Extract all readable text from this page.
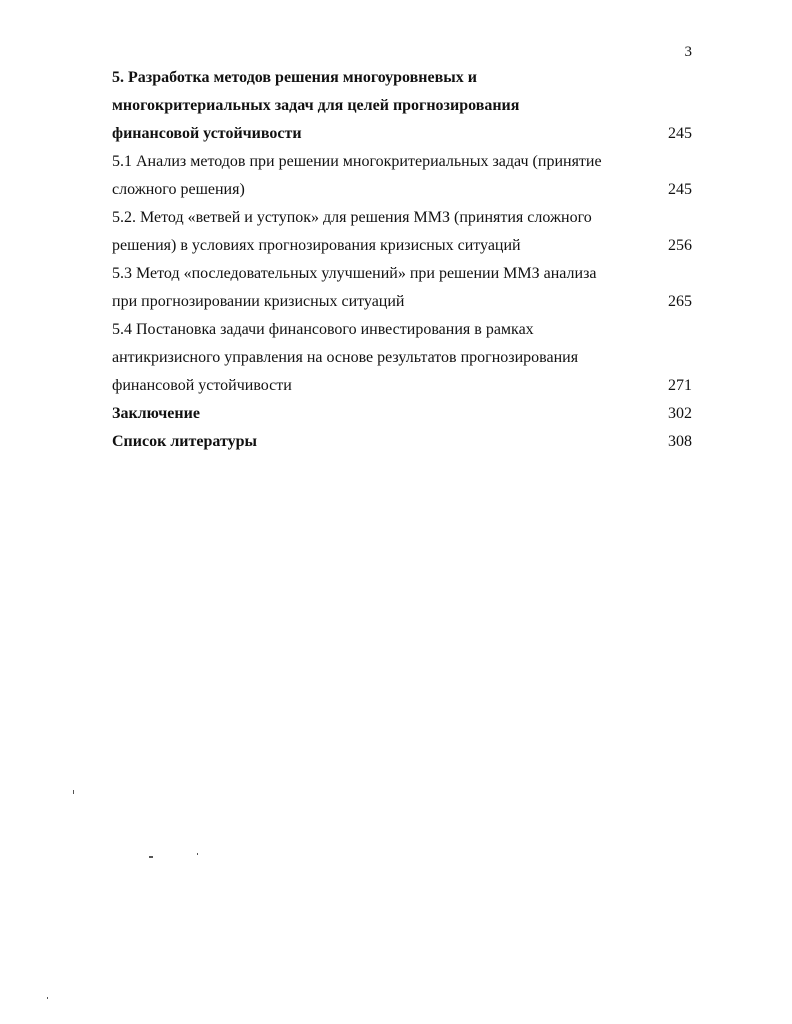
3
5. Разработка методов решения многоуровневых и
многокритериальных задач для целей прогнозирования
финансовой устойчивости	245
5.1 Анализ методов при решении многокритериальных задач (принятие
сложного решения)	245
5.2. Метод «ветвей и уступок» для решения ММЗ (принятия сложного
решения) в условиях прогнозирования кризисных ситуаций	256
5.3 Метод «последовательных улучшений» при решении ММЗ анализа
при прогнозировании кризисных ситуаций	265
5.4 Постановка задачи финансового инвестирования в рамках
антикризисного управления на основе результатов прогнозирования
финансовой устойчивости	271
Заключение	302
Список литературы	308
